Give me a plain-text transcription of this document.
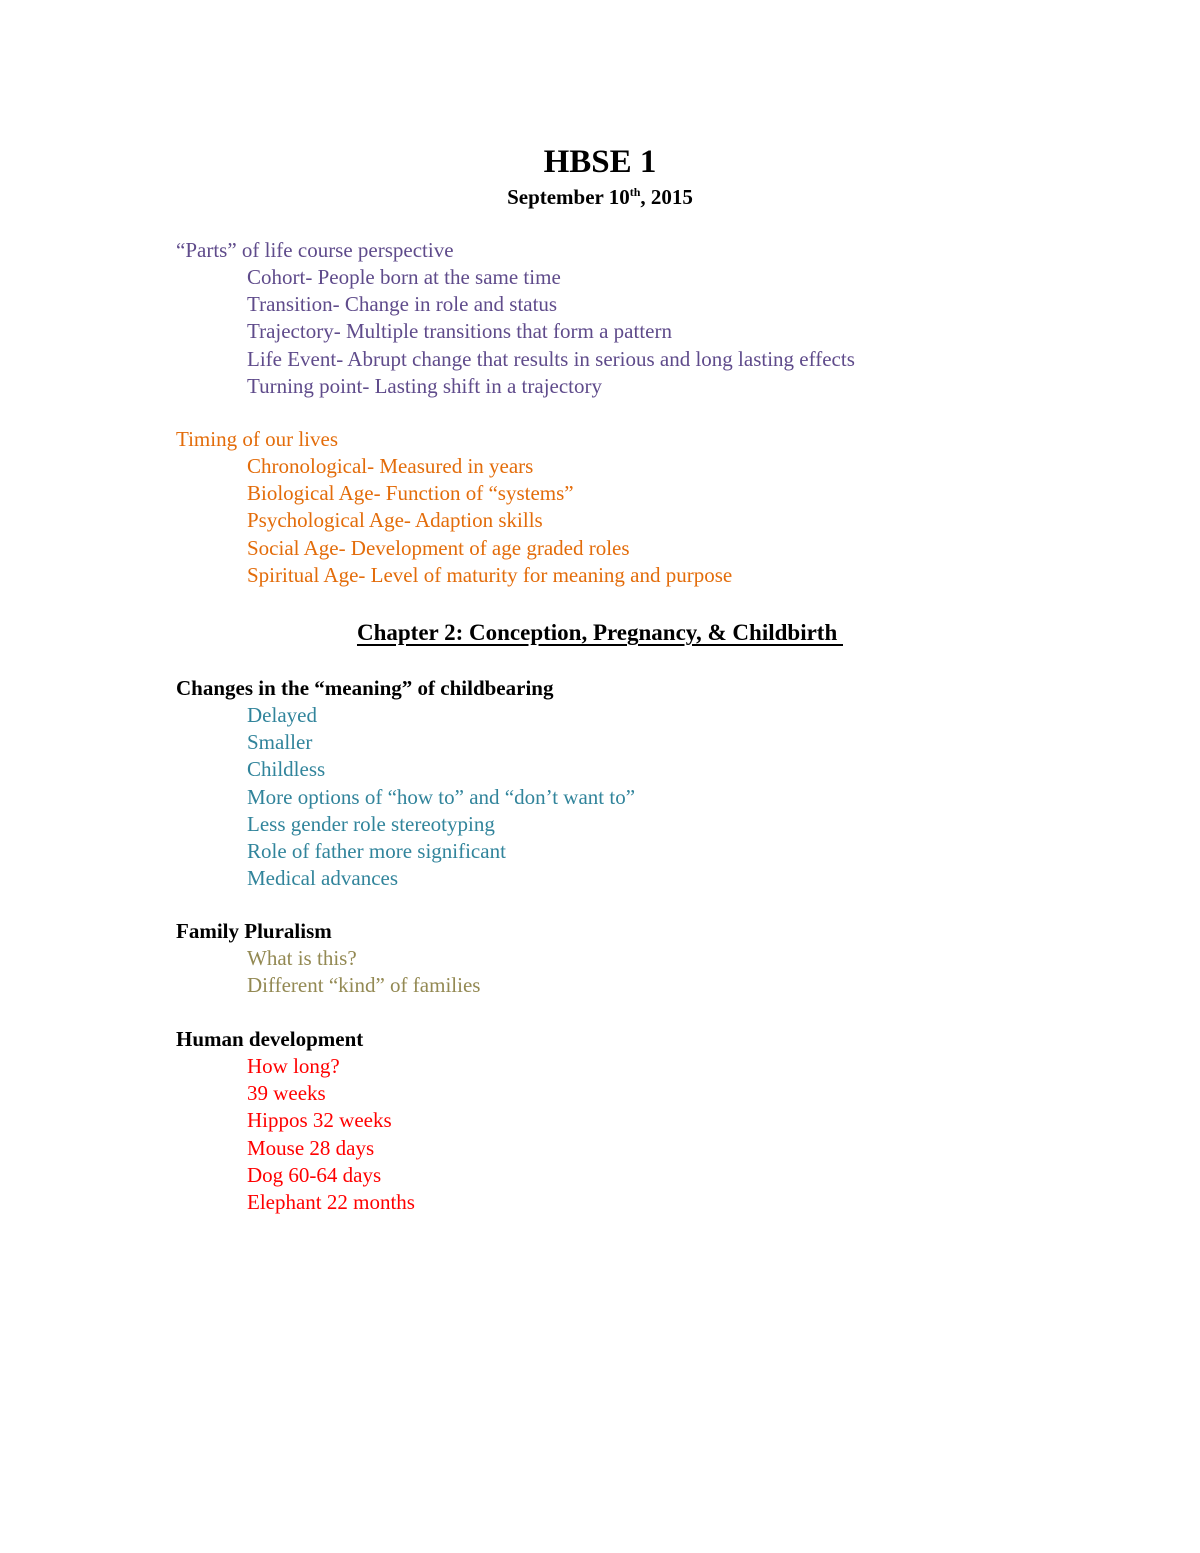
HBSE 1
September 10th, 2015
“Parts” of life course perspective
Cohort- People born at the same time
Transition- Change in role and status
Trajectory- Multiple transitions that form a pattern
Life Event- Abrupt change that results in serious and long lasting effects
Turning point- Lasting shift in a trajectory
Timing of our lives
Chronological- Measured in years
Biological Age- Function of “systems”
Psychological Age- Adaption skills
Social Age- Development of age graded roles
Spiritual Age- Level of maturity for meaning and purpose
Chapter 2: Conception, Pregnancy, & Childbirth
Changes in the “meaning” of childbearing
Delayed
Smaller
Childless
More options of “how to” and “don’t want to”
Less gender role stereotyping
Role of father more significant
Medical advances
Family Pluralism
What is this?
Different “kind” of families
Human development
How long?
39 weeks
Hippos 32 weeks
Mouse 28 days
Dog 60-64 days
Elephant 22 months
